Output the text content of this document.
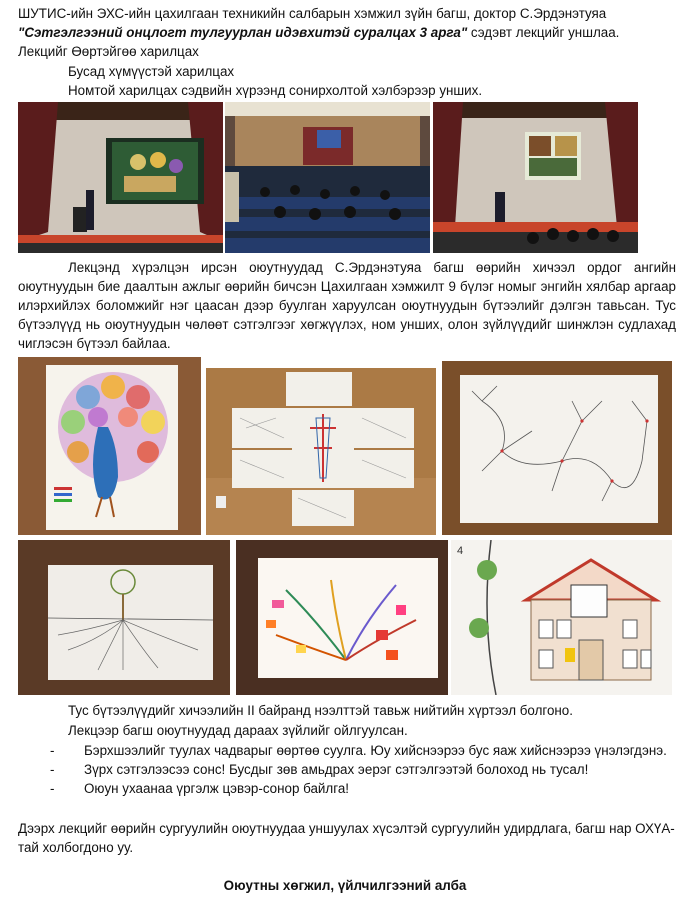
ШУТИС-ийн ЭХС-ийн цахилгаан техникийн салбарын хэмжил зүйн багш, доктор С.Эрдэнэтуяа
"Сэтгэлгээний онцлогт тулгуурлан идэвхитэй суралцах 3 арга" сэдэвт лекцийг уншлаа.
Лекцийг Өөртэйгөө харилцах
Бусад хүмүүстэй харилцах
Номтой харилцах сэдвийн хүрээнд сонирхолтой хэлбэрээр унших.
Лекцэнд хүрэлцэн ирсэн оюутнуудад С.Эрдэнэтуяа багш өөрийн хичээл ордог ангийн оюутнуудын бие даалтын ажлыг өөрийн бичсэн Цахилгаан хэмжилт 9 бүлэг номыг энгийн хялбар аргаар илэрхийлэх боломжийг нэг цаасан дээр буулган харуулсан оюутнуудын бүтээлийг дэлгэн тавьсан. Тус бүтээлүүд нь оюутнуудын чөлөөт сэтгэлгээг хөгжүүлэх, ном унших, олон зүйлүүдийг шинжлэн судлахад чиглэсэн бүтээл байлаа.
4
Тус бүтээлүүдийг хичээлийн II байранд нээлттэй тавьж нийтийн хүртээл болгоно.
Лекцээр багш оюутнуудад дараах зүйлийг ойлгуулсан.
- Бэрхшээлийг туулах чадварыг өөртөө суулга. Юу хийснээрээ бус яаж хийснээрээ үнэлэгдэнэ.
- Зүрх сэтгэлээсээ сонс! Бусдыг зөв амьдрах эерэг сэтгэлгээтэй болоход нь тусал!
- Оюун ухаанаа үргэлж цэвэр-сонор байлга!
Дээрх лекцийг өөрийн сургуулийн оюутнуудаа уншуулах хүсэлтэй сургуулийн удирдлага, багш нар ОХҮА-тай холбогдоно уу.
Оюутны хөгжил, үйлчилгээний алба
